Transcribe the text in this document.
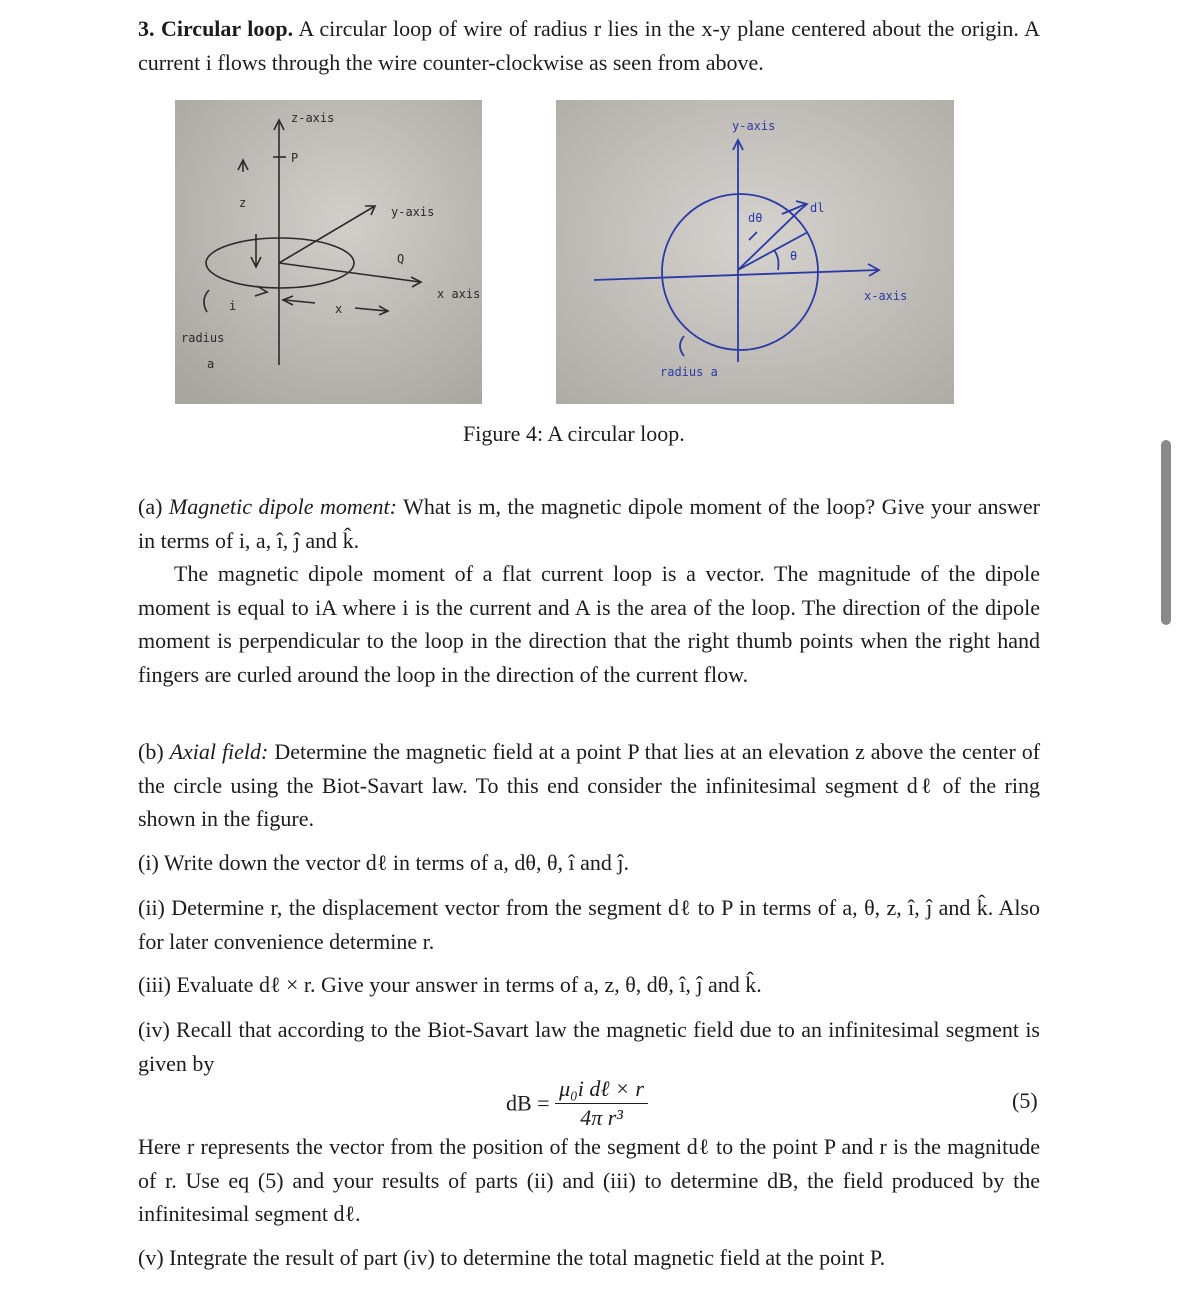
3. Circular loop. A circular loop of wire of radius r lies in the x-y plane centered about the origin. A current i flows through the wire counter-clockwise as seen from above.

z-axis
P
z
y-axis
Q
x axis
i	x
radius
a
y-axis
dl
dθ
θ
x-axis
radius a
Figure 4: A circular loop.

(a) Magnetic dipole moment: What is m, the magnetic dipole moment of the loop? Give your answer in terms of i, a, î, ĵ and k̂.

The magnetic dipole moment of a flat current loop is a vector. The magnitude of the dipole moment is equal to iA where i is the current and A is the area of the loop. The direction of the dipole moment is perpendicular to the loop in the direction that the right thumb points when the right hand fingers are curled around the loop in the direction of the current flow.

(b) Axial field: Determine the magnetic field at a point P that lies at an elevation z above the center of the circle using the Biot-Savart law. To this end consider the infinitesimal segment dℓ of the ring shown in the figure.

(i) Write down the vector dℓ in terms of a, dθ, θ, î and ĵ.

(ii) Determine r, the displacement vector from the segment dℓ to P in terms of a, θ, z, î, ĵ and k̂. Also for later convenience determine r.

(iii) Evaluate dℓ × r. Give your answer in terms of a, z, θ, dθ, î, ĵ and k̂.

(iv) Recall that according to the Biot-Savart law the magnetic field due to an infinitesimal segment is given by

dB = $\frac{\text{μ₀i dℓ × r}}{\text{4π r³}}$	(5)

Here r represents the vector from the position of the segment dℓ to the point P and r is the magnitude of r. Use eq (5) and your results of parts (ii) and (iii) to determine dB, the field produced by the infinitesimal segment dℓ.

(v) Integrate the result of part (iv) to determine the total magnetic field at the point P.
